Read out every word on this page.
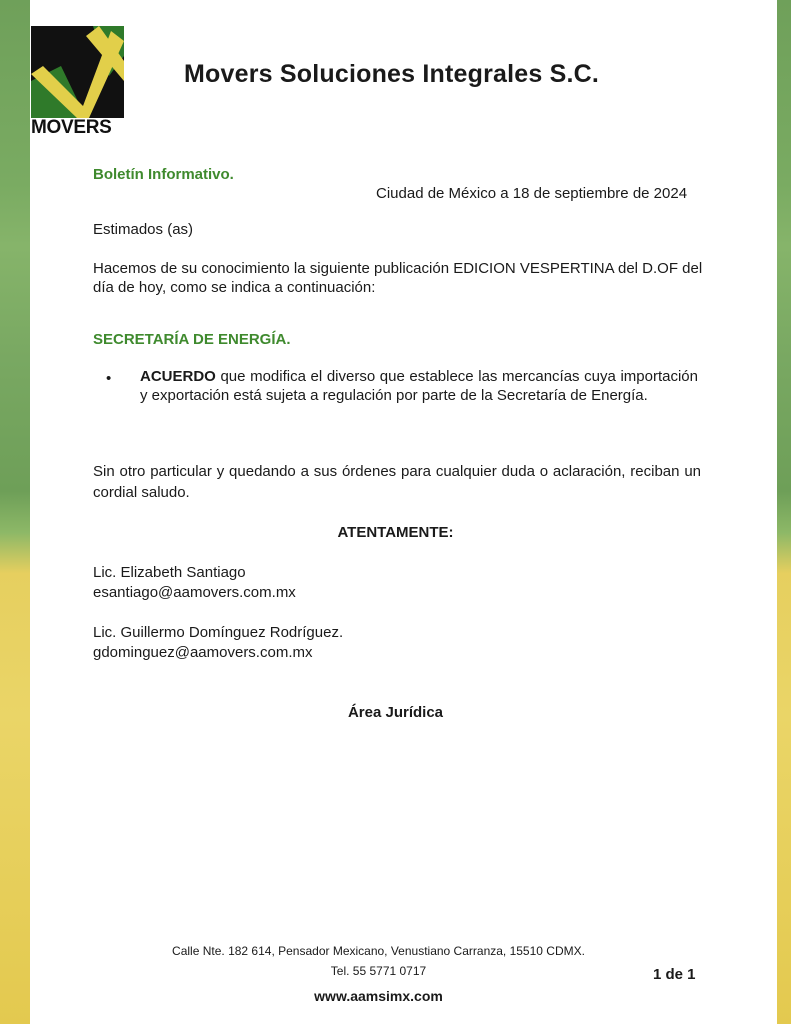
MOVERS
Movers Soluciones Integrales S.C.
Boletín Informativo.
Ciudad de México a 18 de septiembre de 2024
Estimados (as)
Hacemos de su conocimiento la siguiente publicación EDICION VESPERTINA del D.OF del día de hoy, como se indica a continuación:
SECRETARÍA DE ENERGÍA.
• ACUERDO que modifica el diverso que establece las mercancías cuya importación y exportación está sujeta a regulación por parte de la Secretaría de Energía.
Sin otro particular y quedando a sus órdenes para cualquier duda o aclaración, reciban un cordial saludo.
ATENTAMENTE:
Lic. Elizabeth Santiago
esantiago@aamovers.com.mx
Lic. Guillermo Domínguez Rodríguez.
gdominguez@aamovers.com.mx
Área Jurídica
Calle Nte. 182 614, Pensador Mexicano, Venustiano Carranza, 15510 CDMX.
Tel. 55 5771 0717
www.aamsimx.com
1 de 1
